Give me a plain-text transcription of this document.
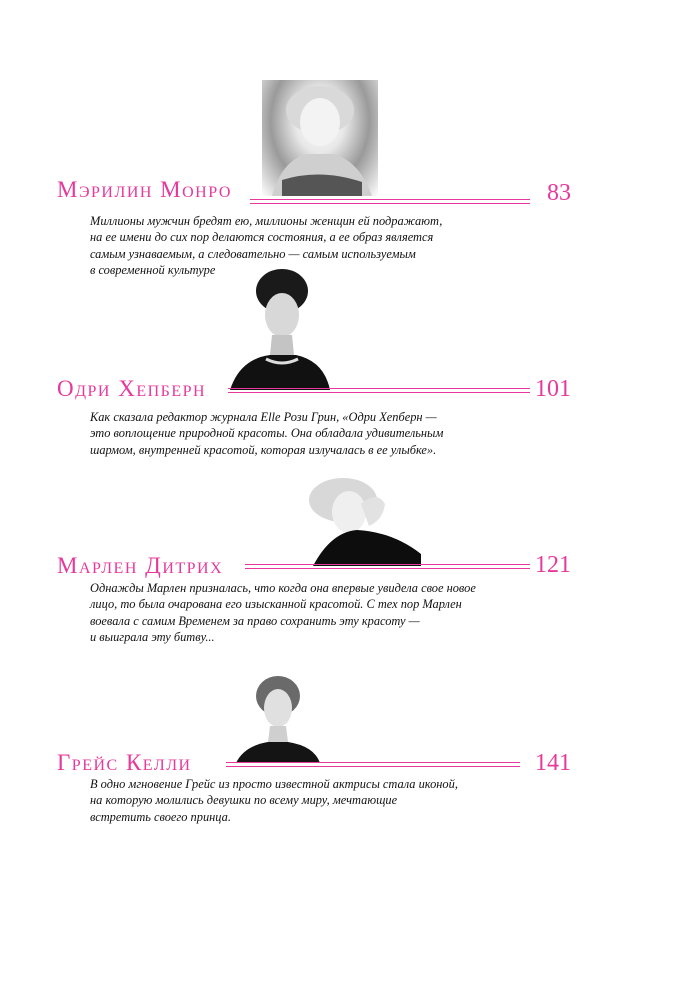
Мэрилин Монро	83
Миллионы мужчин бредят ею, миллионы женщин ей подражают,
на ее имени до сих пор делаются состояния, а ее образ является
самым узнаваемым, а следовательно — самым используемым
в современной культуре
Одри Хепберн	101
Как сказала редактор журнала Elle Рози Грин, «Одри Хепберн —
это воплощение природной красоты. Она обладала удивительным
шармом, внутренней красотой, которая излучалась в ее улыбке».
Марлен Дитрих	121
Однажды Марлен призналась, что когда она впервые увидела свое новое
лицо, то была очарована его изысканной красотой. С тех пор Марлен
воевала с самим Временем за право сохранить эту красоту —
и выиграла эту битву...
Грейс Келли	141
В одно мгновение Грейс из просто известной актрисы стала иконой,
на которую молились девушки по всему миру, мечтающие
встретить своего принца.
